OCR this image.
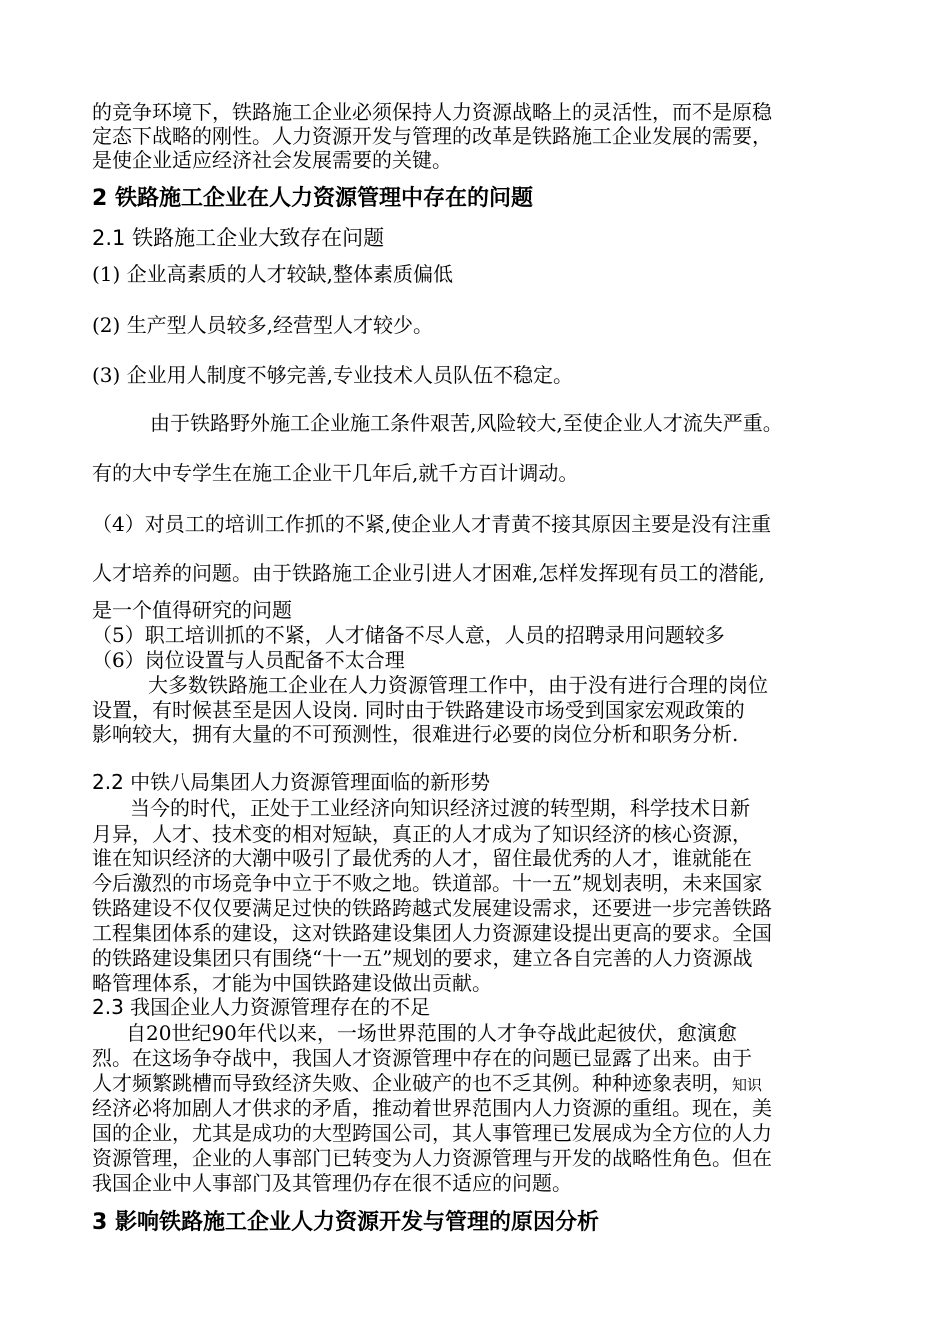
的竞争环境下，铁路施工企业必须保持人力资源战略上的灵活性，而不是原稳
定态下战略的刚性。人力资源开发与管理的改革是铁路施工企业发展的需要，
是使企业适应经济社会发展需要的关键。
2 铁路施工企业在人力资源管理中存在的问题
2.1 铁路施工企业大致存在问题
(1) 企业高素质的人才较缺,整体素质偏低
(2) 生产型人员较多,经营型人才较少。
(3) 企业用人制度不够完善,专业技术人员队伍不稳定。
由于铁路野外施工企业施工条件艰苦,风险较大,至使企业人才流失严重。
有的大中专学生在施工企业干几年后,就千方百计调动。
（4）对员工的培训工作抓的不紧,使企业人才青黄不接其原因主要是没有注重
人才培养的问题。由于铁路施工企业引进人才困难,怎样发挥现有员工的潜能,
是一个值得研究的问题
（5）职工培训抓的不紧，人才储备不尽人意，人员的招聘录用问题较多
（6）岗位设置与人员配备不太合理
大多数铁路施工企业在人力资源管理工作中，由于没有进行合理的岗位
设置，有时候甚至是因人设岗. 同时由于铁路建设市场受到国家宏观政策的
影响较大，拥有大量的不可预测性，很难进行必要的岗位分析和职务分析.
2.2 中铁八局集团人力资源管理面临的新形势
当今的时代，正处于工业经济向知识经济过渡的转型期，科学技术日新
月异，人才、技术变的相对短缺，真正的人才成为了知识经济的核心资源，
谁在知识经济的大潮中吸引了最优秀的人才，留住最优秀的人才，谁就能在
今后激烈的市场竞争中立于不败之地。铁道部。十一五”规划表明，未来国家
铁路建设不仅仅要满足过快的铁路跨越式发展建设需求，还要进一步完善铁路
工程集团体系的建设，这对铁路建设集团人力资源建设提出更高的要求。全国
的铁路建设集团只有围绕“十一五”规划的要求，建立各自完善的人力资源战
略管理体系，才能为中国铁路建设做出贡献。
2.3 我国企业人力资源管理存在的不足
自20世纪90年代以来，一场世界范围的人才争夺战此起彼伏，愈演愈
烈。在这场争夺战中，我国人才资源管理中存在的问题已显露了出来。由于
人才频繁跳槽而导致经济失败、企业破产的也不乏其例。种种迹象表明，知识
经济必将加剧人才供求的矛盾，推动着世界范围内人力资源的重组。现在，美
国的企业，尤其是成功的大型跨国公司，其人事管理已发展成为全方位的人力
资源管理，企业的人事部门已转变为人力资源管理与开发的战略性角色。但在
我国企业中人事部门及其管理仍存在很不适应的问题。
3 影响铁路施工企业人力资源开发与管理的原因分析
